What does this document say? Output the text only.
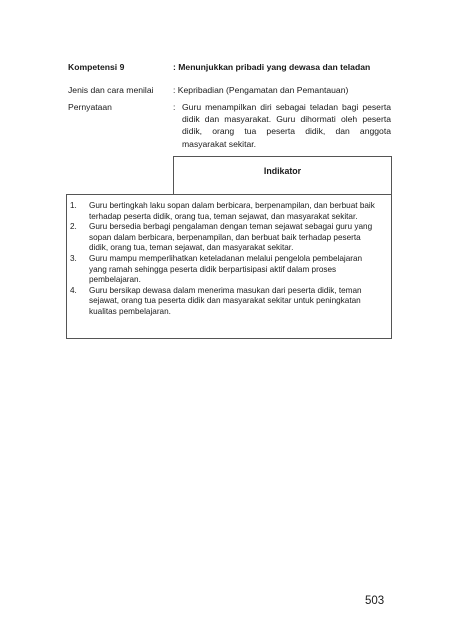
Kompetensi 9	: Menunjukkan pribadi yang dewasa dan teladan
Jenis dan cara menilai : Kepribadian (Pengamatan dan Pemantauan)
Pernyataan	: Guru menampilkan diri sebagai teladan bagi peserta didik dan masyarakat. Guru dihormati oleh peserta didik, orang tua peserta didik, dan anggota masyarakat sekitar.
Indikator
1. Guru bertingkah laku sopan dalam berbicara, berpenampilan, dan berbuat baik terhadap peserta didik, orang tua, teman sejawat, dan masyarakat sekitar.
2. Guru bersedia berbagi pengalaman dengan teman sejawat sebagai guru yang sopan dalam berbicara, berpenampilan, dan berbuat baik terhadap peserta didik, orang tua, teman sejawat, dan masyarakat sekitar.
3. Guru mampu memperlihatkan keteladanan melalui pengelola pembelajaran yang ramah sehingga peserta didik berpartisipasi aktif dalam proses pembelajaran.
4. Guru bersikap dewasa dalam menerima masukan dari peserta didik, teman sejawat, orang tua peserta didik dan masyarakat sekitar untuk peningkatan kualitas pembelajaran.
503
